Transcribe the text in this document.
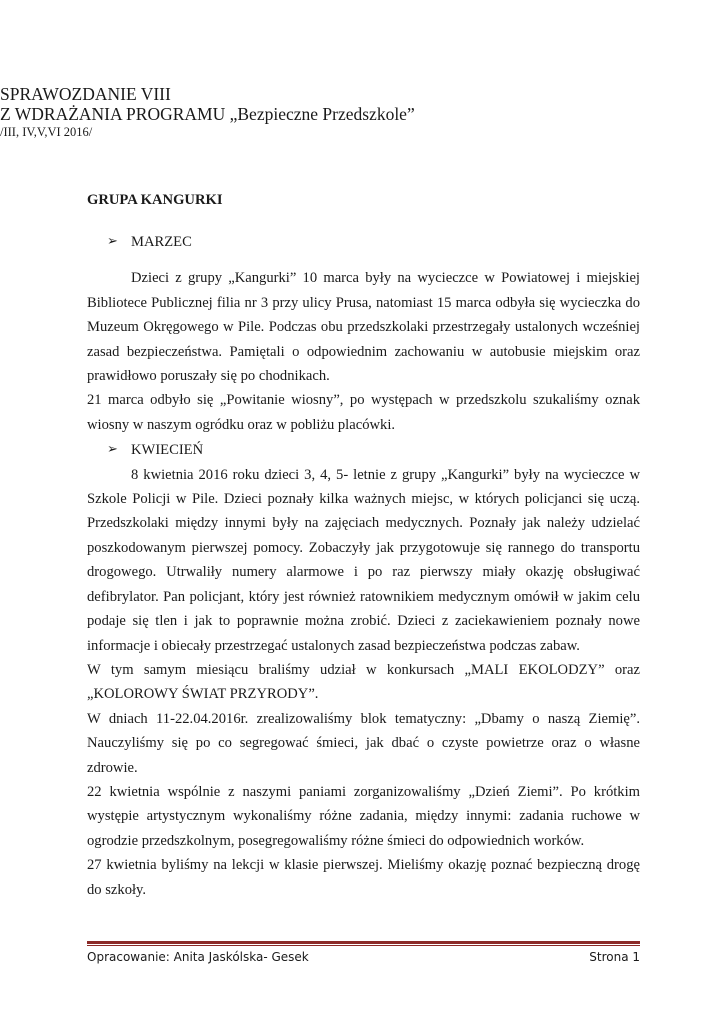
SPRAWOZDANIE VIII

Z WDRAŻANIA PROGRAMU „Bezpieczne Przedszkole”

/III, IV,V,VI 2016/

GRUPA KANGURKI
➢ MARZEC

Dzieci z grupy „Kangurki” 10 marca były na wycieczce w Powiatowej i miejskiej Bibliotece Publicznej filia nr 3 przy ulicy Prusa, natomiast 15 marca odbyła się wycieczka do Muzeum Okręgowego w Pile. Podczas obu przedszkolaki przestrzegały ustalonych wcześniej zasad bezpieczeństwa. Pamiętali o odpowiednim zachowaniu w autobusie miejskim oraz prawidłowo poruszały się po chodnikach.

21 marca odbyło się „Powitanie wiosny”, po występach w przedszkolu szukaliśmy oznak wiosny w naszym ogródku oraz w pobliżu placówki.

➢ KWIECIEŃ

8 kwietnia 2016 roku dzieci 3, 4, 5- letnie z grupy „Kangurki” były na wycieczce w Szkole Policji w Pile. Dzieci poznały kilka ważnych miejsc, w których policjanci się uczą. Przedszkolaki między innymi były na zajęciach medycznych. Poznały jak należy udzielać poszkodowanym pierwszej pomocy. Zobaczyły jak przygotowuje się rannego do transportu drogowego. Utrwaliły numery alarmowe i po raz pierwszy miały okazję obsługiwać defibrylator. Pan policjant, który jest również ratownikiem medycznym omówił w jakim celu podaje się tlen i jak to poprawnie można zrobić. Dzieci z zaciekawieniem poznały nowe informacje i obiecały przestrzegać ustalonych zasad bezpieczeństwa podczas zabaw.

W tym samym miesiącu braliśmy udział w konkursach „MALI EKOLODZY” oraz „KOLOROWY ŚWIAT PRZYRODY”.

W dniach 11-22.04.2016r. zrealizowaliśmy blok tematyczny: „Dbamy o naszą Ziemię”. Nauczyliśmy się po co segregować śmieci, jak dbać o czyste powietrze oraz o własne zdrowie.

22 kwietnia wspólnie z naszymi paniami zorganizowaliśmy „Dzień Ziemi”. Po krótkim występie artystycznym wykonaliśmy różne zadania, między innymi: zadania ruchowe w ogrodzie przedszkolnym, posegregowaliśmy różne śmieci do odpowiednich worków.

27 kwietnia byliśmy na lekcji w klasie pierwszej. Mieliśmy okazję poznać bezpieczną drogę do szkoły.

Opracowanie: Anita Jaskólska- Gesek	Strona 1
